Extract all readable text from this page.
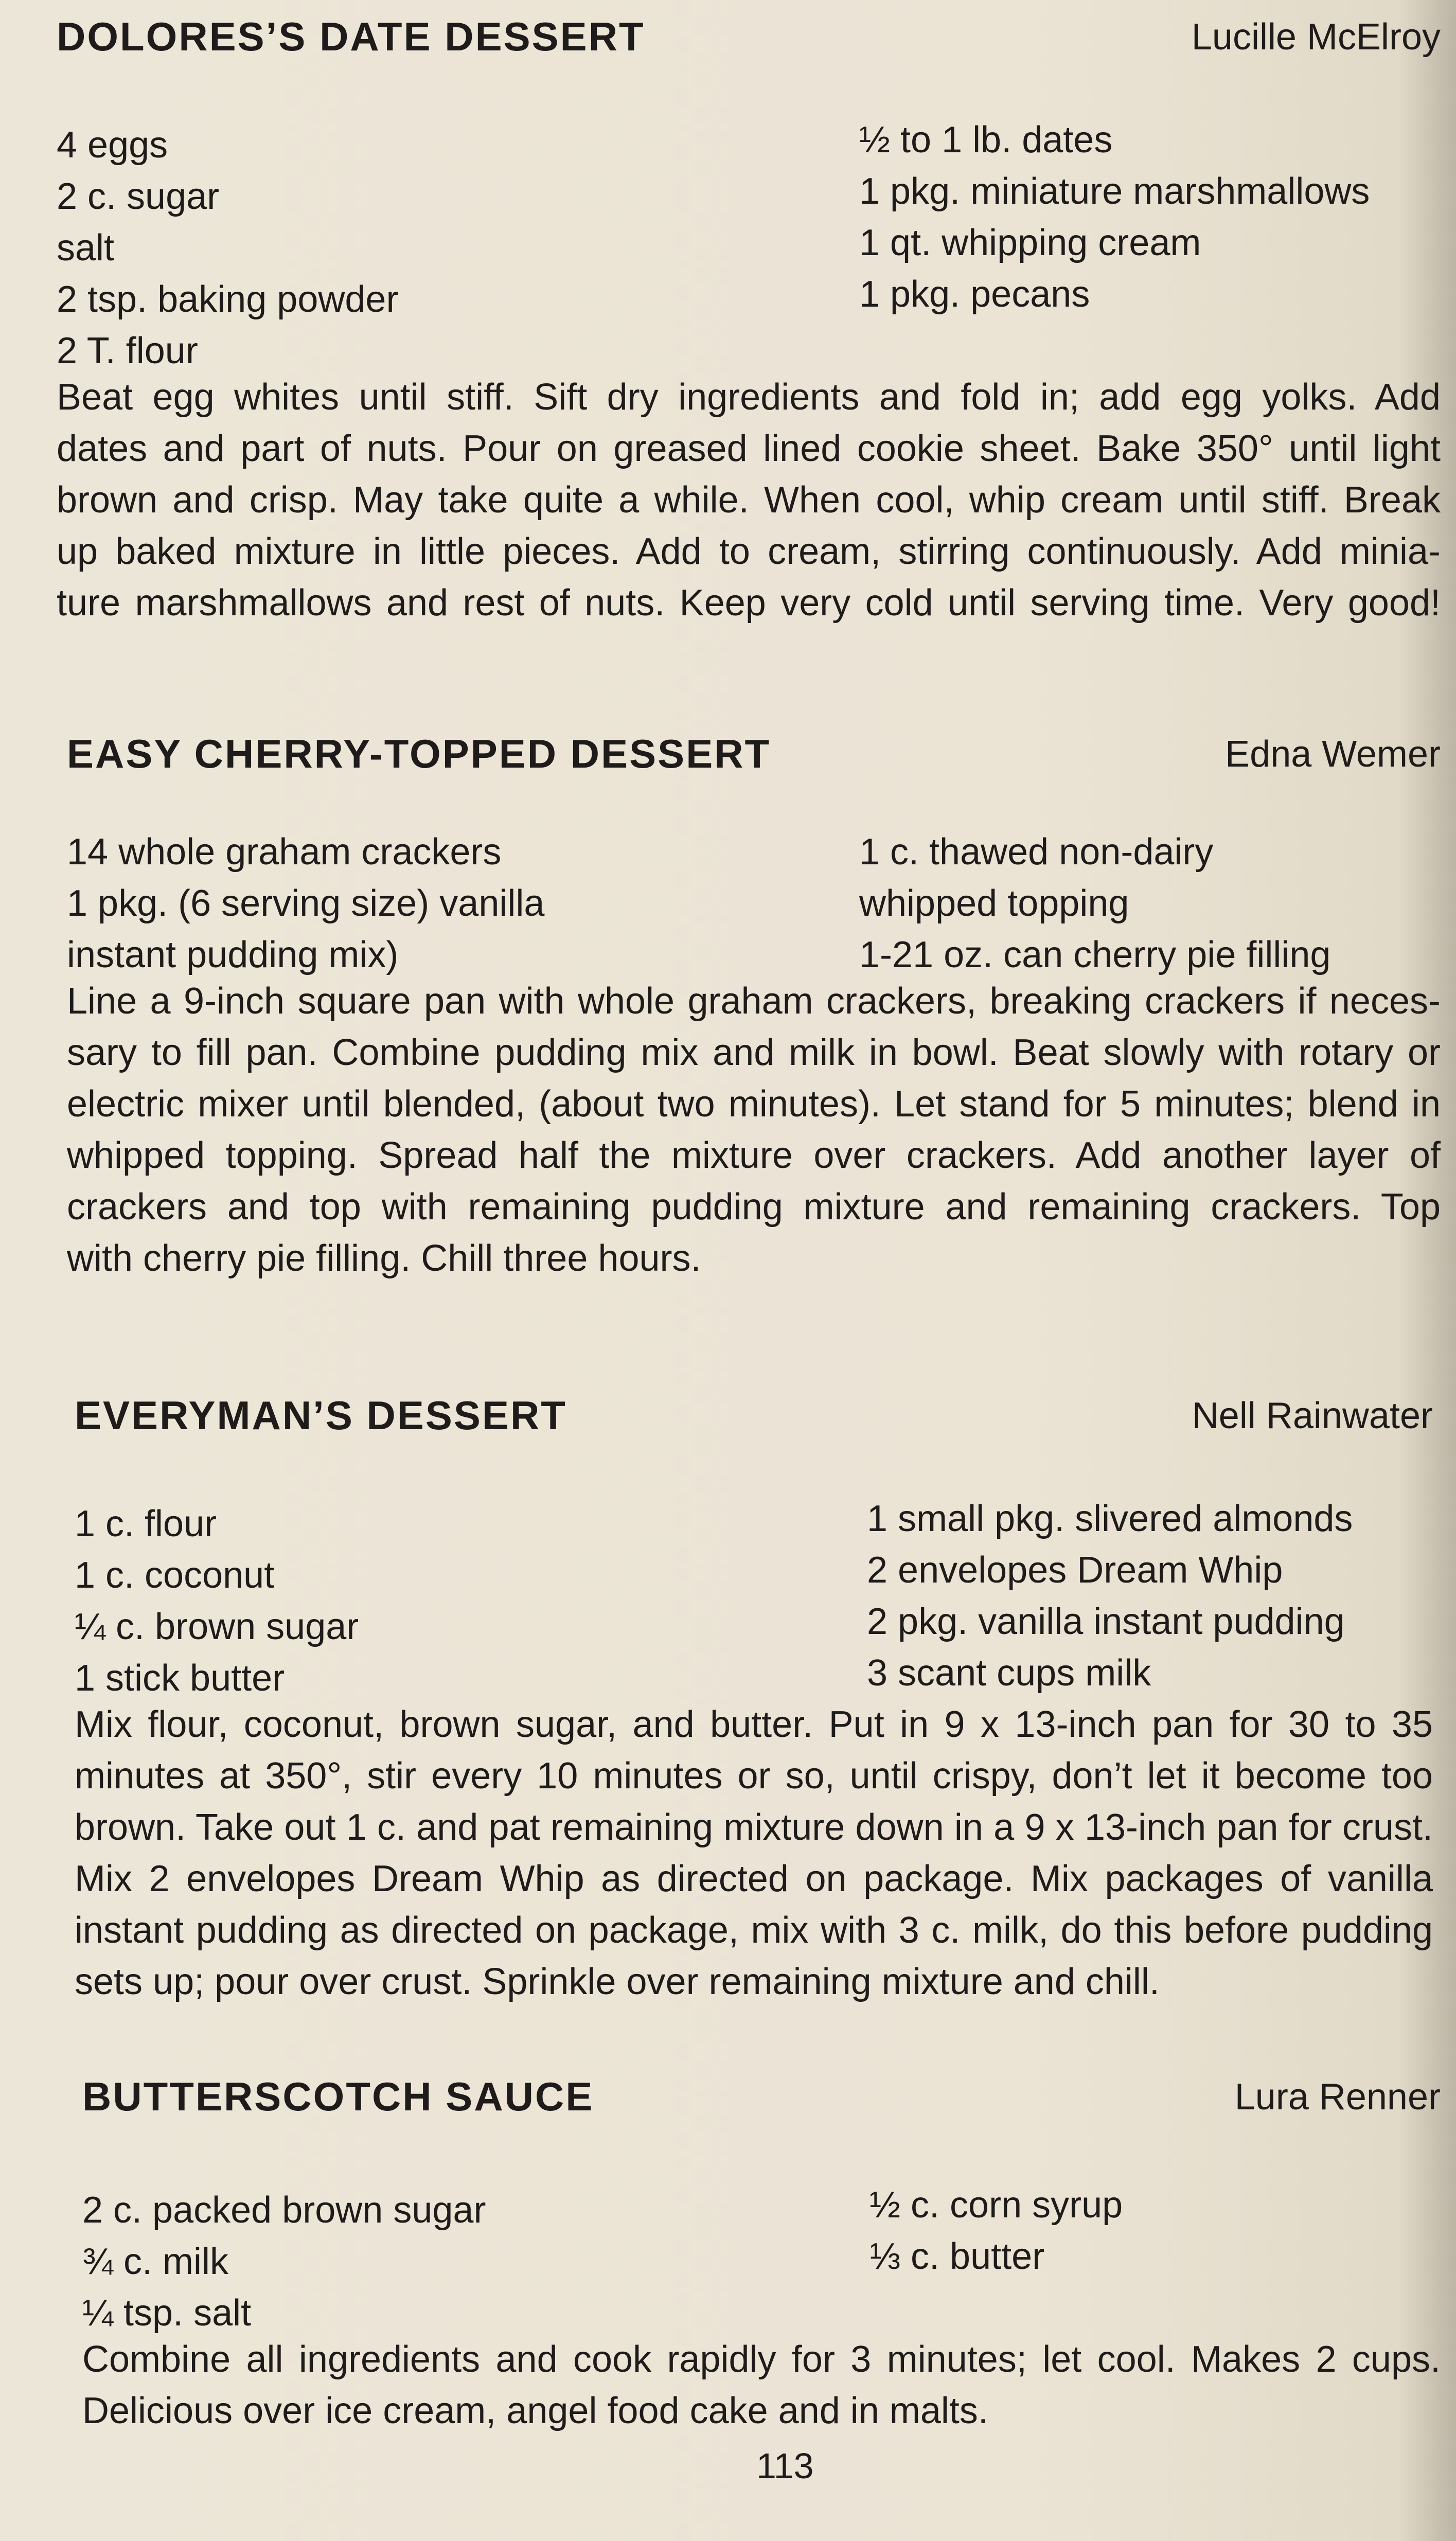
DOLORES’S DATE DESSERT	Lucille McElroy
4 eggs
2 c. sugar
salt
2 tsp. baking powder
2 T. flour
½ to 1 lb. dates
1 pkg. miniature marshmallows
1 qt. whipping cream
1 pkg. pecans
Beat egg whites until stiff. Sift dry ingredients and fold in; add egg yolks. Add
dates and part of nuts. Pour on greased lined cookie sheet. Bake 350° until light
brown and crisp. May take quite a while. When cool, whip cream until stiff. Break
up baked mixture in little pieces. Add to cream, stirring continuously. Add minia-
ture marshmallows and rest of nuts. Keep very cold until serving time. Very good!
EASY CHERRY-TOPPED DESSERT	Edna Wemer
14 whole graham crackers
1 pkg. (6 serving size) vanilla
instant pudding mix)
1 c. thawed non-dairy
whipped topping
1-21 oz. can cherry pie filling
Line a 9-inch square pan with whole graham crackers, breaking crackers if neces-
sary to fill pan. Combine pudding mix and milk in bowl. Beat slowly with rotary or
electric mixer until blended, (about two minutes). Let stand for 5 minutes; blend in
whipped topping. Spread half the mixture over crackers. Add another layer of
crackers and top with remaining pudding mixture and remaining crackers. Top
with cherry pie filling. Chill three hours.
EVERYMAN’S DESSERT	Nell Rainwater
1 c. flour
1 c. coconut
¼ c. brown sugar
1 stick butter
1 small pkg. slivered almonds
2 envelopes Dream Whip
2 pkg. vanilla instant pudding
3 scant cups milk
Mix flour, coconut, brown sugar, and butter. Put in 9 x 13-inch pan for 30 to 35
minutes at 350°, stir every 10 minutes or so, until crispy, don’t let it become too
brown. Take out 1 c. and pat remaining mixture down in a 9 x 13-inch pan for crust.
Mix 2 envelopes Dream Whip as directed on package. Mix packages of vanilla
instant pudding as directed on package, mix with 3 c. milk, do this before pudding
sets up; pour over crust. Sprinkle over remaining mixture and chill.
BUTTERSCOTCH SAUCE	Lura Renner
2 c. packed brown sugar
¾ c. milk
¼ tsp. salt
½ c. corn syrup
⅓ c. butter
Combine all ingredients and cook rapidly for 3 minutes; let cool. Makes 2 cups.
Delicious over ice cream, angel food cake and in malts.
113
